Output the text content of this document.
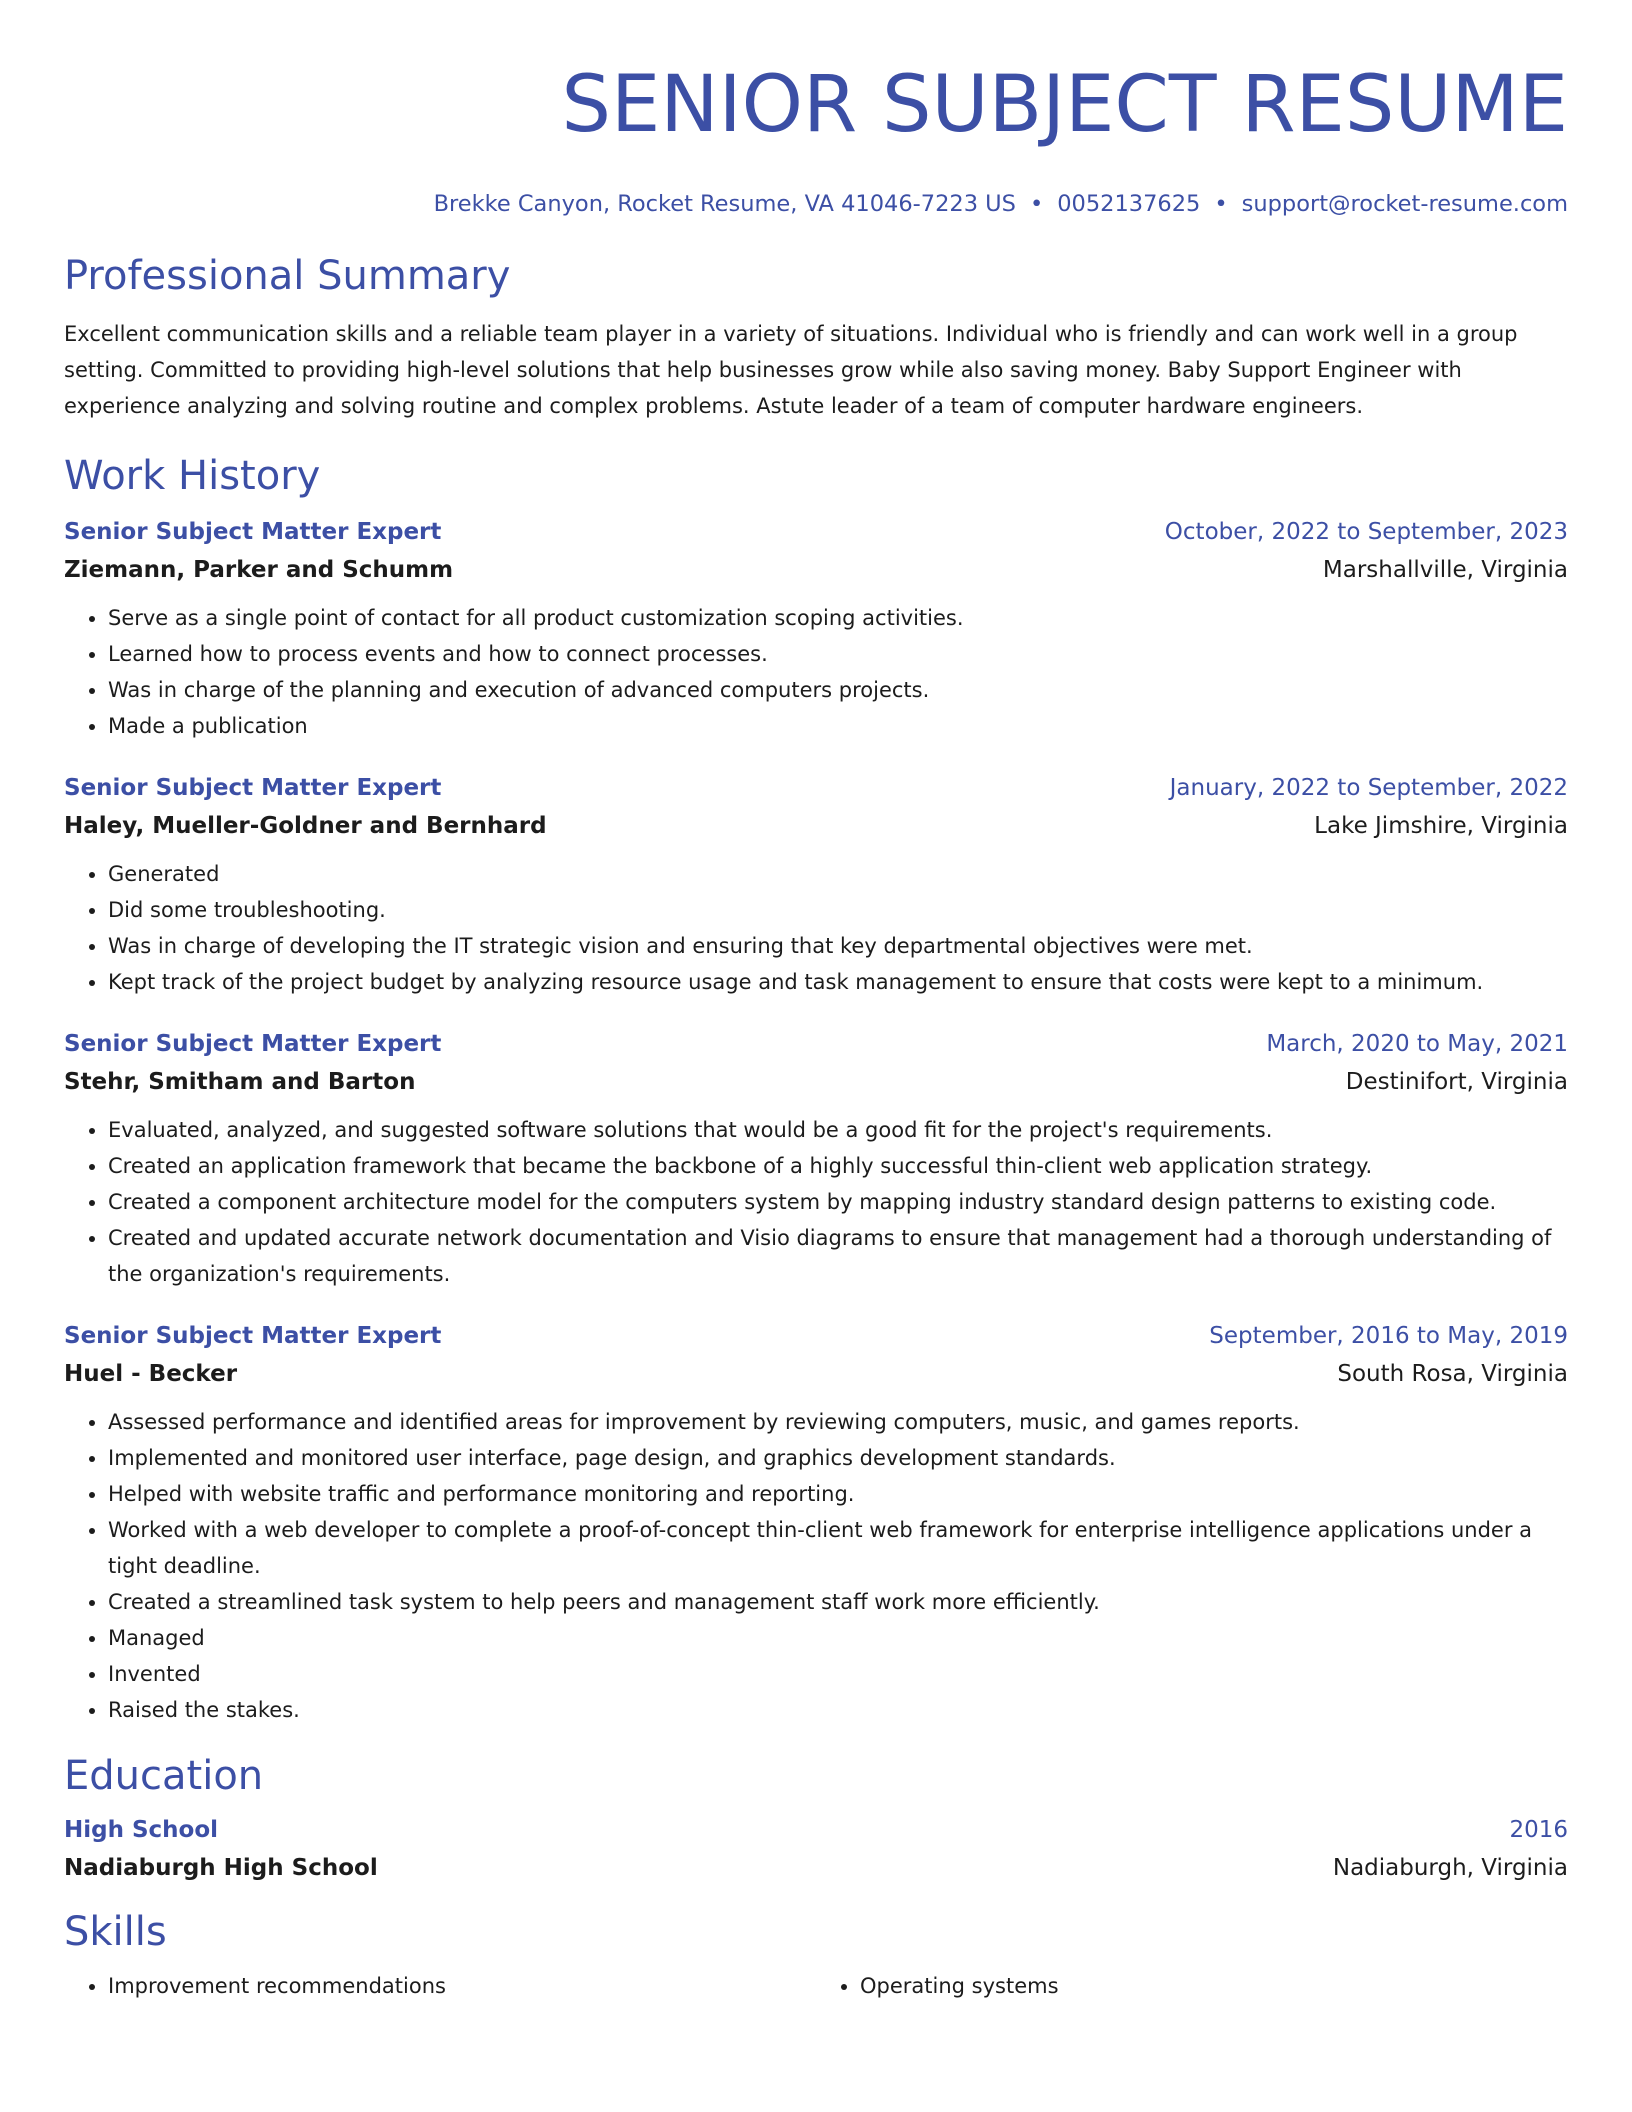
SENIOR SUBJECT RESUME
Brekke Canyon, Rocket Resume, VA 41046-7223 US • 0052137625 • support@rocket-resume.com
Professional Summary
Excellent communication skills and a reliable team player in a variety of situations. Individual who is friendly and can work well in a group setting. Committed to providing high-level solutions that help businesses grow while also saving money. Baby Support Engineer with experience analyzing and solving routine and complex problems. Astute leader of a team of computer hardware engineers.
Work History
Senior Subject Matter Expert	October, 2022 to September, 2023
Ziemann, Parker and Schumm	Marshallville, Virginia
• Serve as a single point of contact for all product customization scoping activities.
• Learned how to process events and how to connect processes.
• Was in charge of the planning and execution of advanced computers projects.
• Made a publication
Senior Subject Matter Expert	January, 2022 to September, 2022
Haley, Mueller-Goldner and Bernhard	Lake Jimshire, Virginia
• Generated
• Did some troubleshooting.
• Was in charge of developing the IT strategic vision and ensuring that key departmental objectives were met.
• Kept track of the project budget by analyzing resource usage and task management to ensure that costs were kept to a minimum.
Senior Subject Matter Expert	March, 2020 to May, 2021
Stehr, Smitham and Barton	Destinifort, Virginia
• Evaluated, analyzed, and suggested software solutions that would be a good fit for the project's requirements.
• Created an application framework that became the backbone of a highly successful thin-client web application strategy.
• Created a component architecture model for the computers system by mapping industry standard design patterns to existing code.
• Created and updated accurate network documentation and Visio diagrams to ensure that management had a thorough understanding of the organization's requirements.
Senior Subject Matter Expert	September, 2016 to May, 2019
Huel - Becker	South Rosa, Virginia
• Assessed performance and identified areas for improvement by reviewing computers, music, and games reports.
• Implemented and monitored user interface, page design, and graphics development standards.
• Helped with website traffic and performance monitoring and reporting.
• Worked with a web developer to complete a proof-of-concept thin-client web framework for enterprise intelligence applications under a tight deadline.
• Created a streamlined task system to help peers and management staff work more efficiently.
• Managed
• Invented
• Raised the stakes.
Education
High School	2016
Nadiaburgh High School	Nadiaburgh, Virginia
Skills
• Improvement recommendations
•	Operating systems
